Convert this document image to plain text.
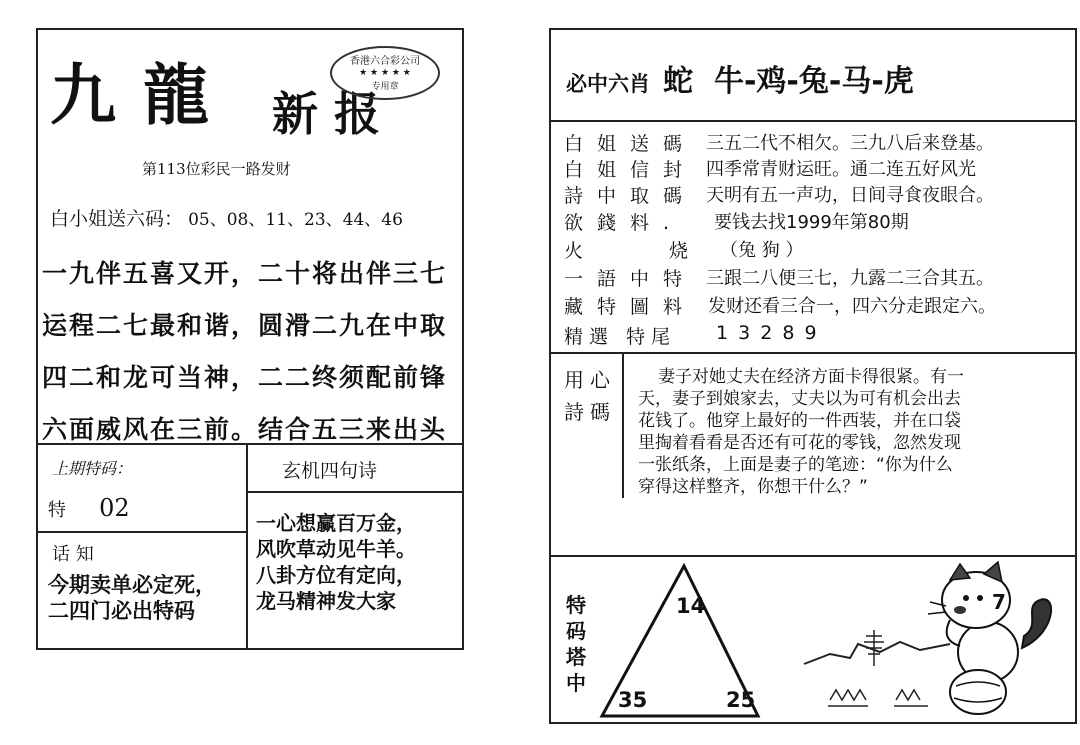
九 龍 新 报
香港六合彩公司
★ ★ ★ ★ ★
专用章
第113位彩民一路发财
白小姐送六码： 05、08、11、23、44、46
一九伴五喜又开，二十将出伴三七
运程二七最和谐，圆滑二九在中取
四二和龙可当神，二二终须配前锋
六面威风在三前。结合五三来出头
上期特码：
特 02
话 知
今期卖单必定死，
二四门必出特码
玄机四句诗
一心想赢百万金，
风吹草动见牛羊。
八卦方位有定向，
龙马精神发大家
必中六肖 蛇  牛-鸡-兔-马-虎
白姐送碼 三五二代不相欠。三九八后来登基。
白姐信封 四季常青财运旺。通二连五好风光
詩中取碼 天明有五一声功，日间寻食夜眼合。
欲錢料. 要钱去找1999年第80期
火 烧
（兔 狗 ）
一語中特 三跟二八便三七，九露二三合其五。
藏特圖料 发财还看三合一，四六分走跟定六。
精選 特尾 1 3 2 8 9
用心詩碼
妻子对她丈夫在经济方面卡得很紧。有一
天，妻子到娘家去，丈夫以为可有机会出去
花钱了。他穿上最好的一件西装，并在口袋
里掏着看看是否还有可花的零钱，忽然发现
一张纸条，上面是妻子的笔迹：“你为什么
穿得这样整齐，你想干什么？”
特码塔中
14
35	25
7
